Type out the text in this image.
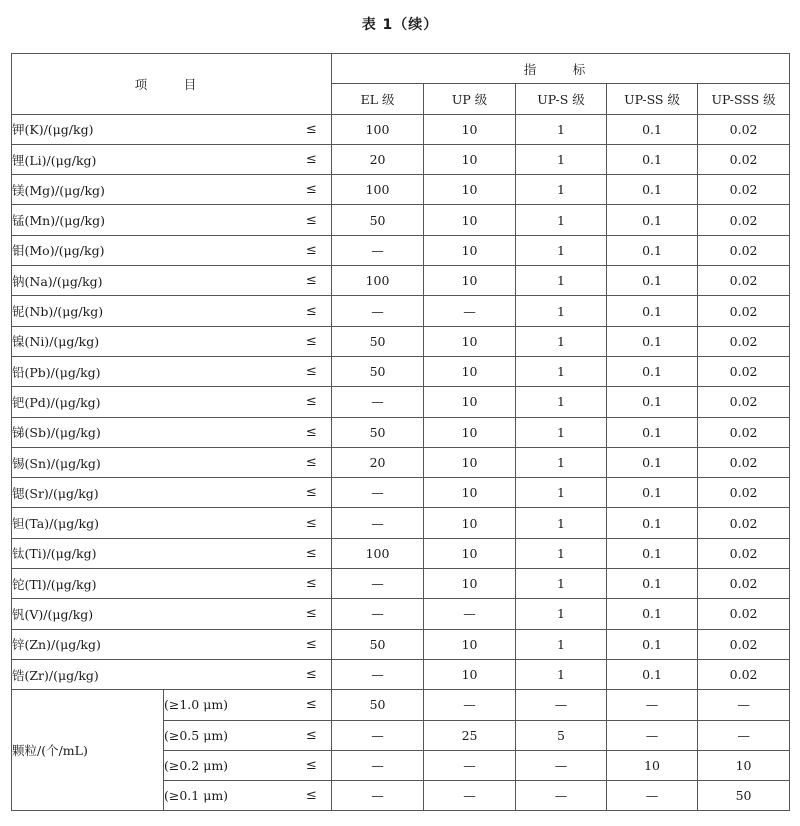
表 1（续）
项　目			指　标				
			EL 级	UP 级	UP-S 级	UP-SS 级	UP-SSS 级
钾(K)/(μg/kg)		≤	100	10	1	0.1	0.02
锂(Li)/(μg/kg)		≤	20	10	1	0.1	0.02
镁(Mg)/(μg/kg)		≤	100	10	1	0.1	0.02
锰(Mn)/(μg/kg)		≤	50	10	1	0.1	0.02
钼(Mo)/(μg/kg)		≤	—	10	1	0.1	0.02
钠(Na)/(μg/kg)		≤	100	10	1	0.1	0.02
铌(Nb)/(μg/kg)		≤	—	—	1	0.1	0.02
镍(Ni)/(μg/kg)		≤	50	10	1	0.1	0.02
铅(Pb)/(μg/kg)		≤	50	10	1	0.1	0.02
钯(Pd)/(μg/kg)		≤	—	10	1	0.1	0.02
锑(Sb)/(μg/kg)		≤	50	10	1	0.1	0.02
锡(Sn)/(μg/kg)		≤	20	10	1	0.1	0.02
锶(Sr)/(μg/kg)		≤	—	10	1	0.1	0.02
钽(Ta)/(μg/kg)		≤	—	10	1	0.1	0.02
钛(Ti)/(μg/kg)		≤	100	10	1	0.1	0.02
铊(Tl)/(μg/kg)		≤	—	10	1	0.1	0.02
钒(V)/(μg/kg)		≤	—	—	1	0.1	0.02
锌(Zn)/(μg/kg)		≤	50	10	1	0.1	0.02
锆(Zr)/(μg/kg)		≤	—	10	1	0.1	0.02
颗粒/(个/mL)	(≥1.0 μm)	≤	50	—	—	—	—
	(≥0.5 μm)	≤	—	25	5	—	—
	(≥0.2 μm)	≤	—	—	—	10	10
	(≥0.1 μm)	≤	—	—	—	—	50
